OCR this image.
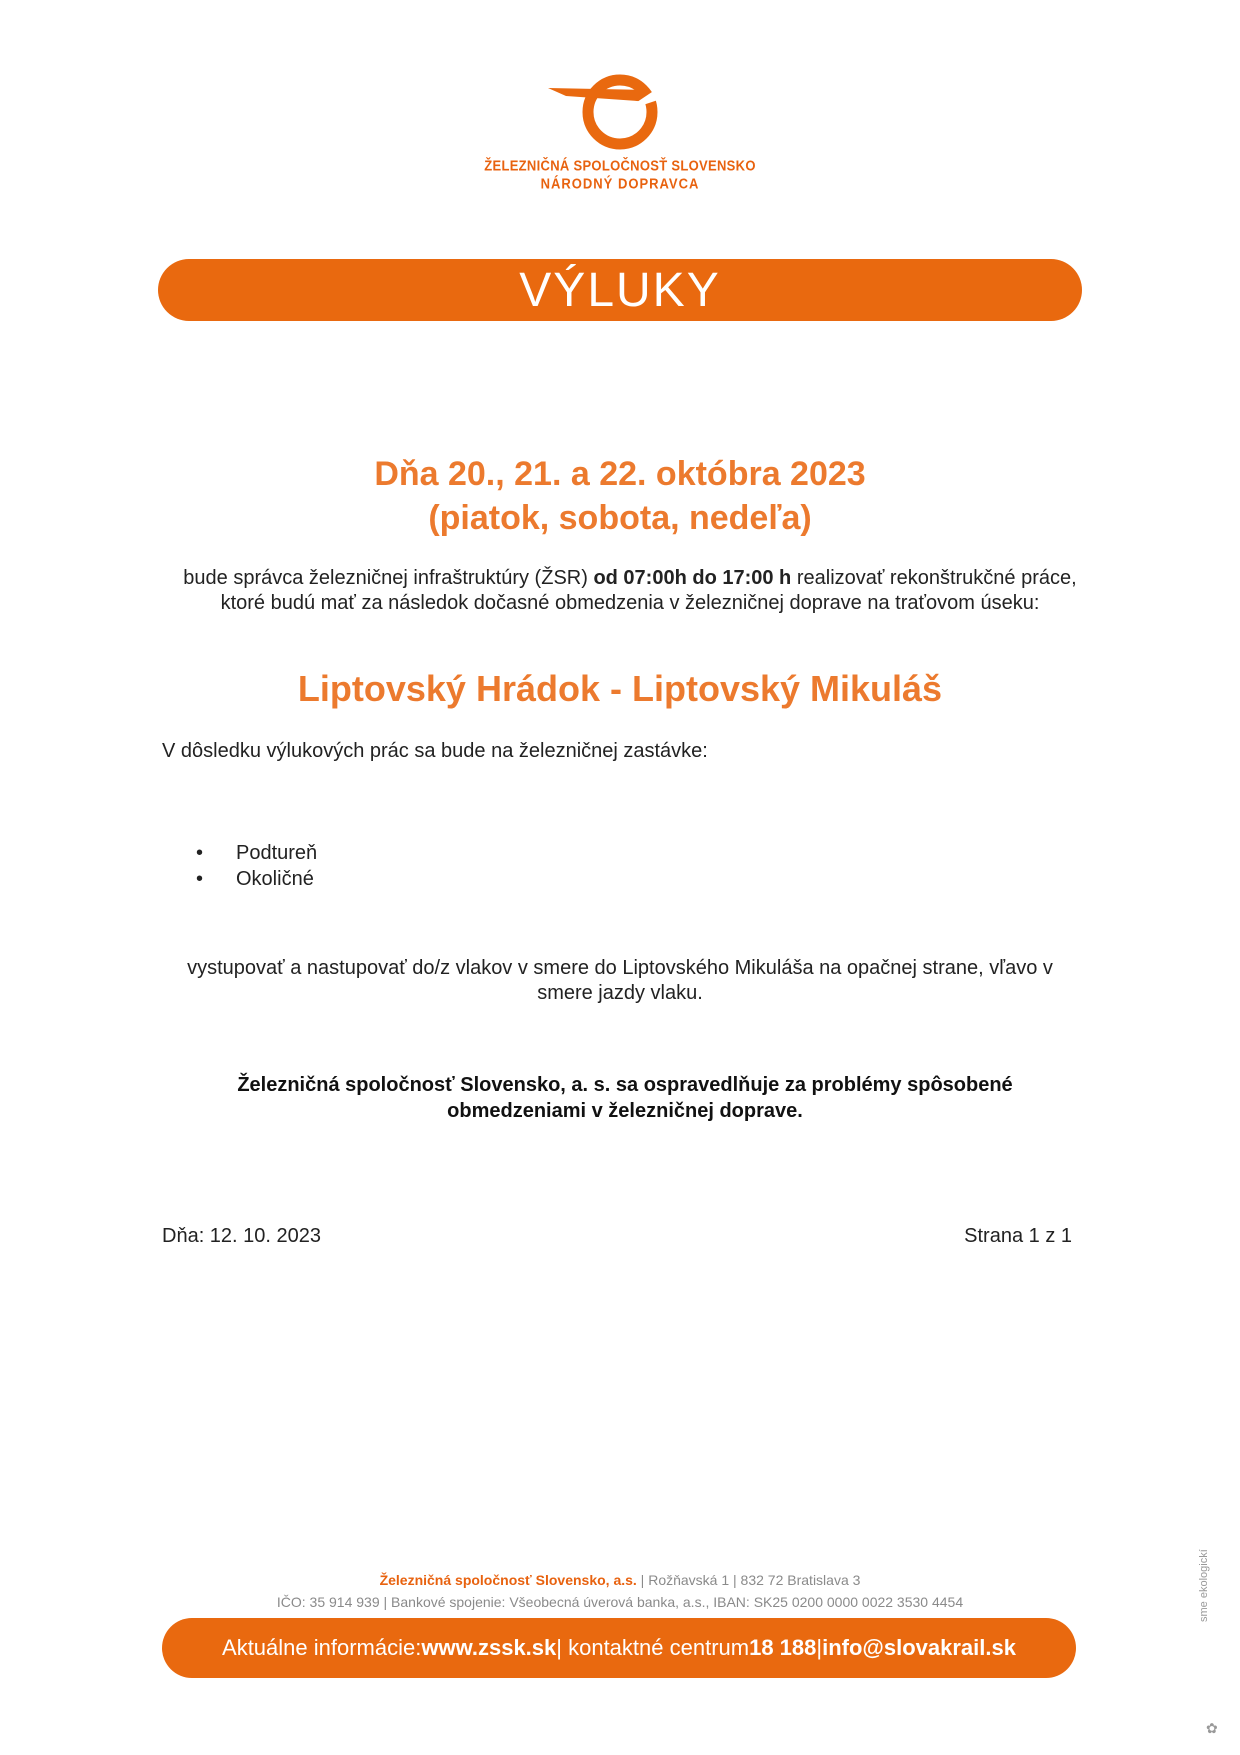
ŽELEZNIČNÁ SPOLOČNOSŤ SLOVENSKO
NÁRODNÝ DOPRAVCA
VÝLUKY
Dňa 20., 21. a 22. októbra 2023
(piatok, sobota, nedeľa)
bude správca železničnej infraštruktúry (ŽSR) od 07:00h do 17:00 h realizovať rekonštrukčné práce, ktoré budú mať za následok dočasné obmedzenia v železničnej doprave na traťovom úseku:
Liptovský Hrádok - Liptovský Mikuláš
V dôsledku výlukových prác sa bude na železničnej zastávke:
• Podtureň
• Okoličné
vystupovať a nastupovať do/z vlakov v smere do Liptovského Mikuláša na opačnej strane, vľavo v smere jazdy vlaku.
Železničná spoločnosť Slovensko, a. s. sa ospravedlňuje za problémy spôsobené obmedzeniami v železničnej doprave.
Dňa: 12. 10. 2023	Strana 1 z 1
Železničná spoločnosť Slovensko, a.s. | Rožňavská 1 | 832 72 Bratislava 3
IČO: 35 914 939 | Bankové spojenie: Všeobecná úverová banka, a.s., IBAN: SK25 0200 0000 0022 3530 4454
Aktuálne informácie: www.zssk.sk | kontaktné centrum 18 188 | info@slovakrail.sk
sme ekologickí
✿
